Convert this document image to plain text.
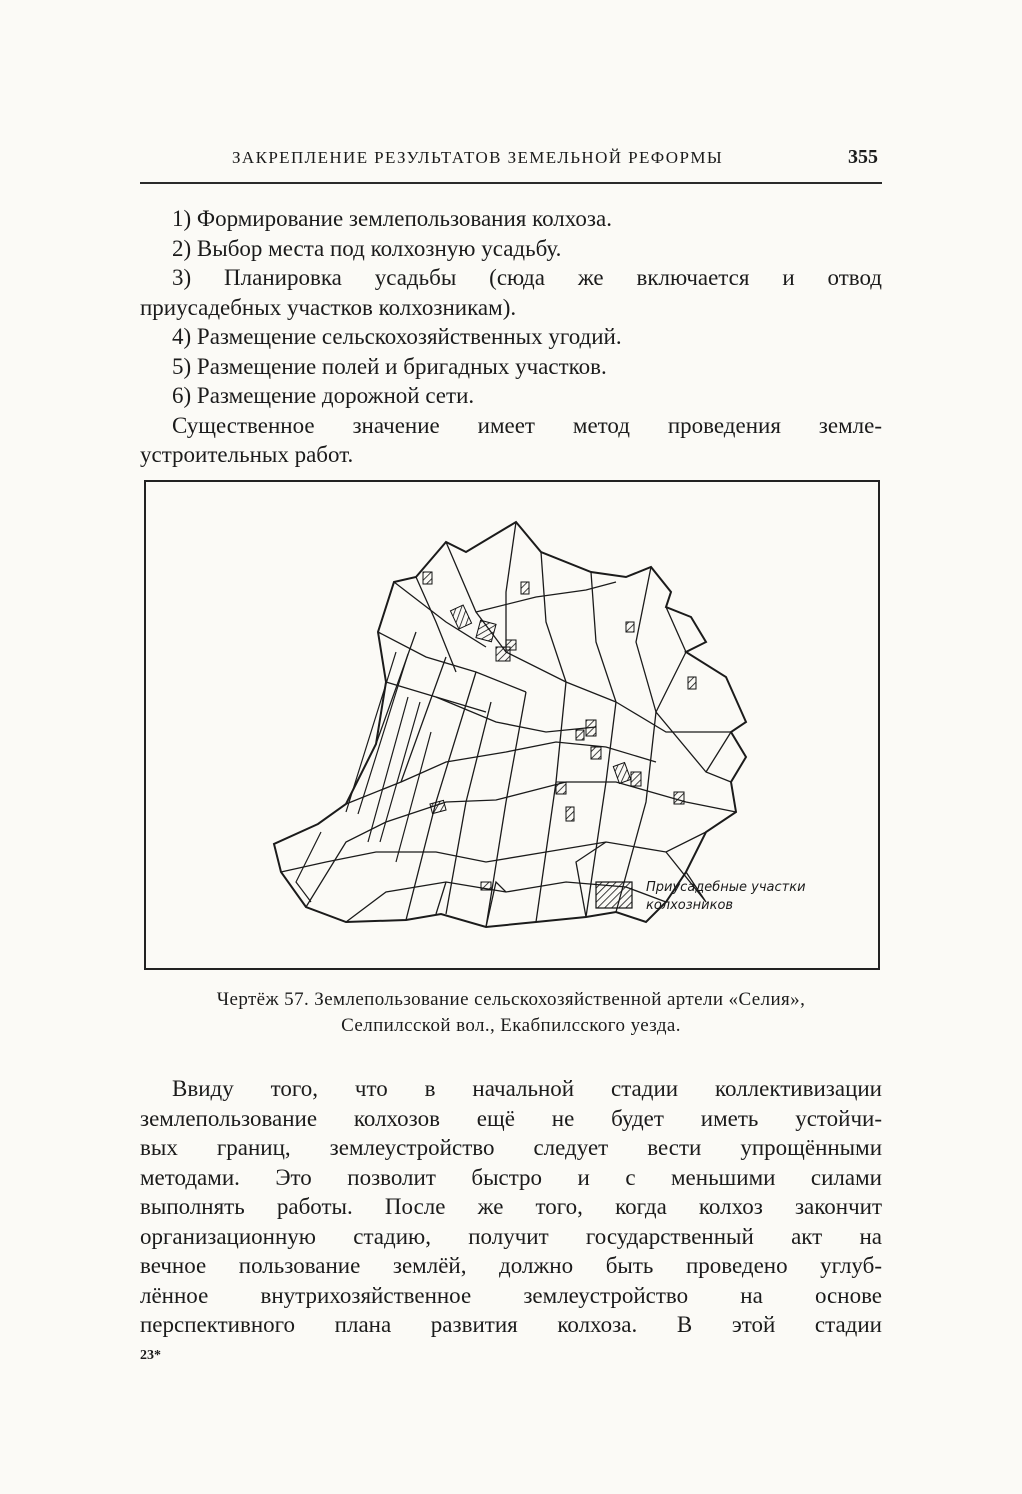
ЗАКРЕПЛЕНИЕ РЕЗУЛЬТАТОВ ЗЕМЕЛЬНОЙ РЕФОРМЫ	355
1) Формирование землепользования колхоза.
2) Выбор места под колхозную усадьбу.
3) Планировка усадьбы (сюда же включается и отвод
приусадебных участков колхозникам).
4) Размещение сельскохозяйственных угодий.
5) Размещение полей и бригадных участков.
6) Размещение дорожной сети.
Существенное значение имеет метод проведения земле-
устроительных работ.
Приусадебные участки
колхозников
Чертёж 57. Землепользование сельскохозяйственной артели «Селия»,
Селпилсской вол., Екабпилсского уезда.
Ввиду того, что в начальной стадии коллективизации
землепользование колхозов ещё не будет иметь устойчи-
вых границ, землеустройство следует вести упрощёнными
методами. Это позволит быстро и с меньшими силами
выполнять работы. После же того, когда колхоз закончит
организационную стадию, получит государственный акт на
вечное пользование землёй, должно быть проведено углуб-
лённое внутрихозяйственное землеустройство на основе
перспективного плана развития колхоза. В этой стадии
23*
